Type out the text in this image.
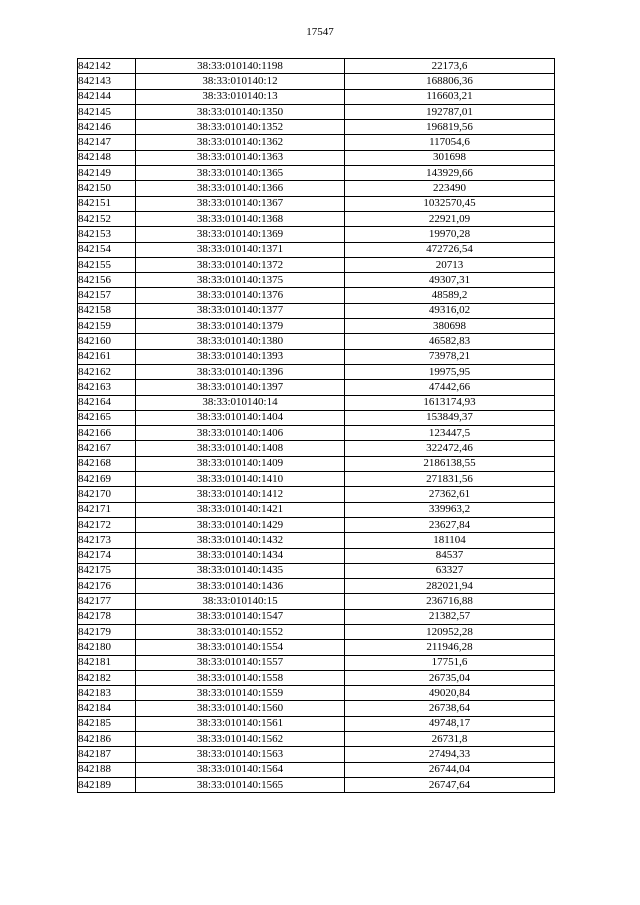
17547
842142	38:33:010140:1198	22173,6
842143	38:33:010140:12	168806,36
842144	38:33:010140:13	116603,21
842145	38:33:010140:1350	192787,01
842146	38:33:010140:1352	196819,56
842147	38:33:010140:1362	117054,6
842148	38:33:010140:1363	301698
842149	38:33:010140:1365	143929,66
842150	38:33:010140:1366	223490
842151	38:33:010140:1367	1032570,45
842152	38:33:010140:1368	22921,09
842153	38:33:010140:1369	19970,28
842154	38:33:010140:1371	472726,54
842155	38:33:010140:1372	20713
842156	38:33:010140:1375	49307,31
842157	38:33:010140:1376	48589,2
842158	38:33:010140:1377	49316,02
842159	38:33:010140:1379	380698
842160	38:33:010140:1380	46582,83
842161	38:33:010140:1393	73978,21
842162	38:33:010140:1396	19975,95
842163	38:33:010140:1397	47442,66
842164	38:33:010140:14	1613174,93
842165	38:33:010140:1404	153849,37
842166	38:33:010140:1406	123447,5
842167	38:33:010140:1408	322472,46
842168	38:33:010140:1409	2186138,55
842169	38:33:010140:1410	271831,56
842170	38:33:010140:1412	27362,61
842171	38:33:010140:1421	339963,2
842172	38:33:010140:1429	23627,84
842173	38:33:010140:1432	181104
842174	38:33:010140:1434	84537
842175	38:33:010140:1435	63327
842176	38:33:010140:1436	282021,94
842177	38:33:010140:15	236716,88
842178	38:33:010140:1547	21382,57
842179	38:33:010140:1552	120952,28
842180	38:33:010140:1554	211946,28
842181	38:33:010140:1557	17751,6
842182	38:33:010140:1558	26735,04
842183	38:33:010140:1559	49020,84
842184	38:33:010140:1560	26738,64
842185	38:33:010140:1561	49748,17
842186	38:33:010140:1562	26731,8
842187	38:33:010140:1563	27494,33
842188	38:33:010140:1564	26744,04
842189	38:33:010140:1565	26747,64
